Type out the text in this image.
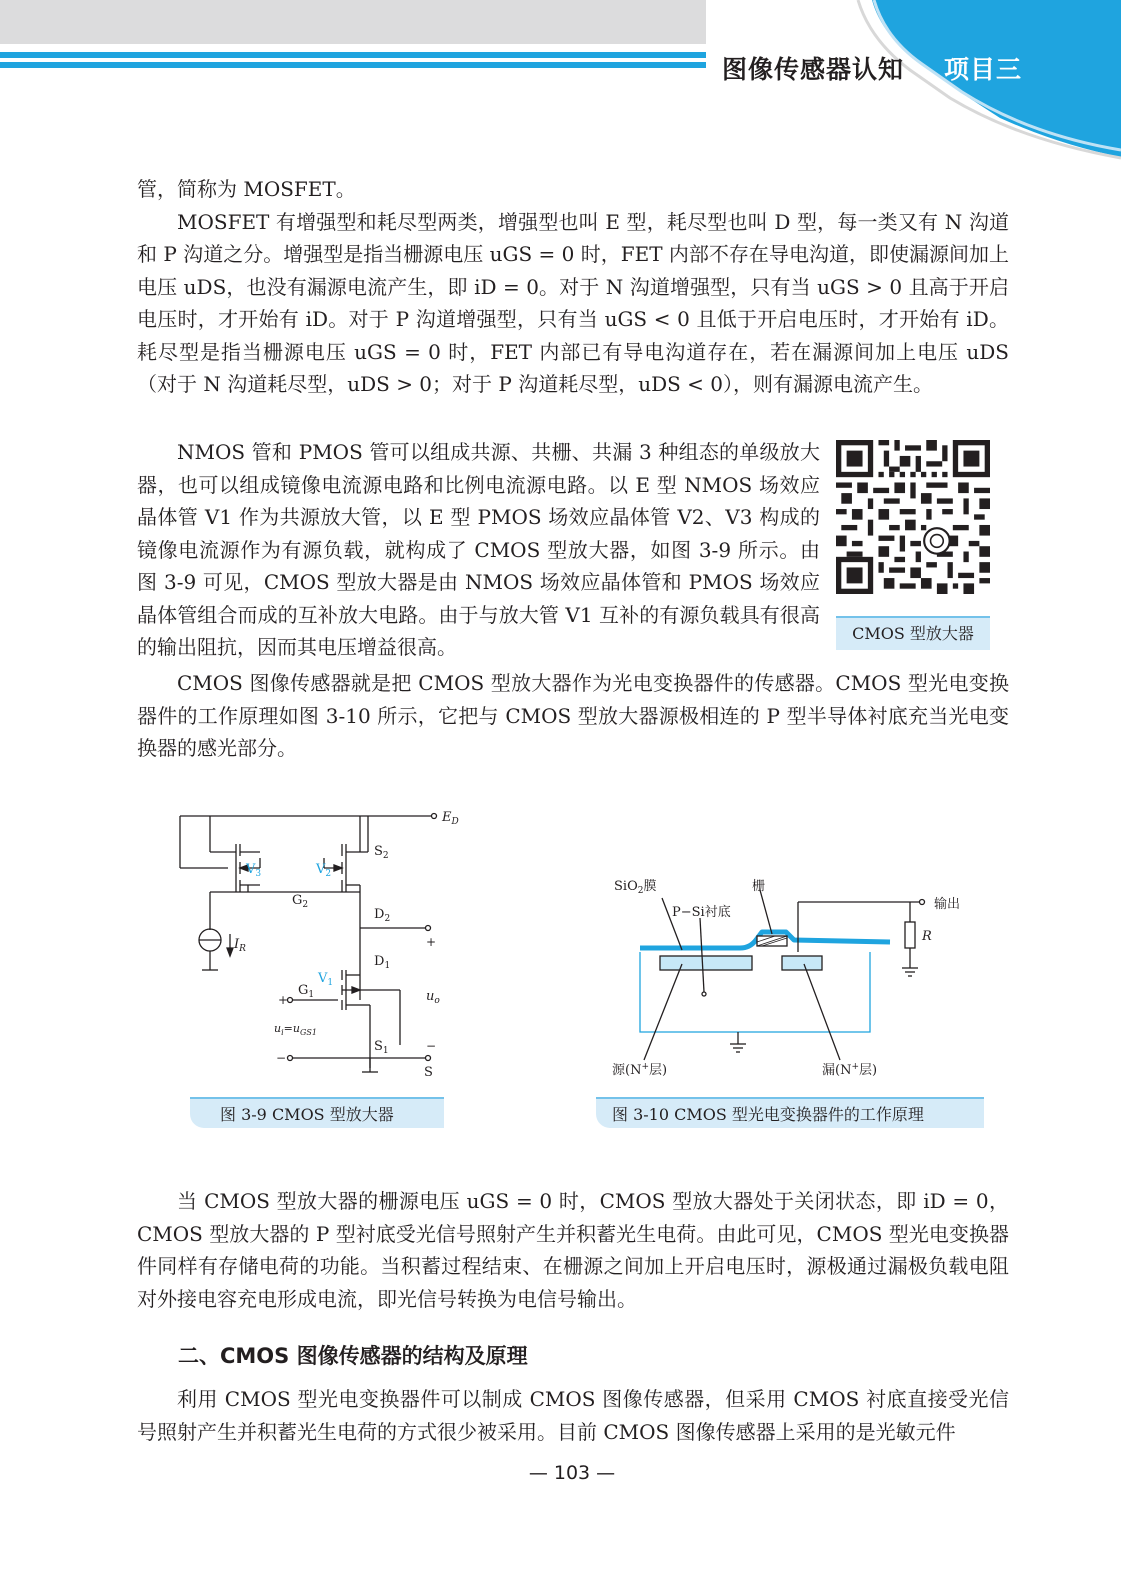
图像传感器认知 项目三

管，简称为 MOSFET。

MOSFET 有增强型和耗尽型两类，增强型也叫 E 型，耗尽型也叫 D 型，每一类又有 N 沟道和 P 沟道之分。增强型是指当栅源电压 uGS = 0 时，FET 内部不存在导电沟道，即使漏源间加上电压 uDS，也没有漏源电流产生，即 iD = 0。对于 N 沟道增强型，只有当 uGS > 0 且高于开启电压时，才开始有 iD。对于 P 沟道增强型，只有当 uGS < 0 且低于开启电压时，才开始有 iD。耗尽型是指当栅源电压 uGS = 0 时，FET 内部已有导电沟道存在，若在漏源间加上电压 uDS（对于 N 沟道耗尽型，uDS > 0；对于 P 沟道耗尽型，uDS < 0），则有漏源电流产生。

NMOS 管和 PMOS 管可以组成共源、共栅、共漏 3 种组态的单级放大器，也可以组成镜像电流源电路和比例电流源电路。以 E 型 NMOS 场效应晶体管 V1 作为共源放大管，以 E 型 PMOS 场效应晶体管 V2、V3 构成的镜像电流源作为有源负载，就构成了 CMOS 型放大器，如图 3-9 所示。由图 3-9 可见，CMOS 型放大器是由 NMOS 场效应晶体管和 PMOS 场效应晶体管组合而成的互补放大电路。由于与放大管 V1 互补的有源负载具有很高的输出阻抗，因而其电压增益很高。

CMOS 型放大器

CMOS 图像传感器就是把 CMOS 型放大器作为光电变换器件的传感器。CMOS 型光电变换器件的工作原理如图 3-10 所示，它把与 CMOS 型放大器源极相连的 P 型半导体衬底充当光电变换器的感光部分。

$E_D$
$S_2$
$V_3$	$V_2$
$G_2$
$D_2$
+
$I_R$
$D_1$
$V_1$
$G_1$
+	$u_o$
$u_i=u_{GS1}$
$S_1$	−
−
S
图 3-9 CMOS 型放大器
SiO$_2$膜	栅
P−Si衬底
输出
R
源(N+层)	漏(N+层)
图 3-10 CMOS 型光电变换器件的工作原理

当 CMOS 型放大器的栅源电压 uGS = 0 时，CMOS 型放大器处于关闭状态，即 iD = 0，CMOS 型放大器的 P 型衬底受光信号照射产生并积蓄光生电荷。由此可见，CMOS 型光电变换器件同样有存储电荷的功能。当积蓄过程结束、在栅源之间加上开启电压时，源极通过漏极负载电阻对外接电容充电形成电流，即光信号转换为电信号输出。

二、CMOS 图像传感器的结构及原理

利用 CMOS 型光电变换器件可以制成 CMOS 图像传感器，但采用 CMOS 衬底直接受光信号照射产生并积蓄光生电荷的方式很少被采用。目前 CMOS 图像传感器上采用的是光敏元件

— 103 —
